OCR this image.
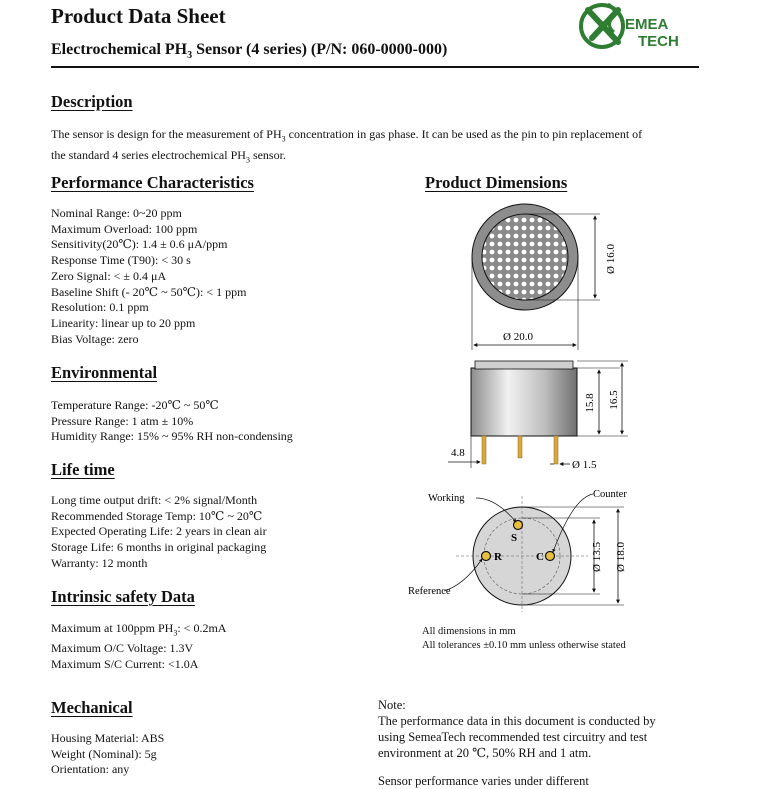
Product Data Sheet
Electrochemical $PH_3$ Sensor (4 series) (P/N: 060-0000-000)
EMEA
TECH
Description
The sensor is design for the measurement of $PH_3$ concentration in gas phase. It can be used as the pin to pin replacement of
the standard 4 series electrochemical $PH_3$ sensor.
Performance Characteristics
Nominal Range: 0~20 ppm
Maximum Overload: 100 ppm
Sensitivity(20℃): 1.4 ± 0.6 μA/ppm
Response Time (T90): < 30 s
Zero Signal: < ± 0.4 μA
Baseline Shift (- 20℃ ~ 50℃): < 1 ppm
Resolution: 0.1 ppm
Linearity: linear up to 20 ppm
Bias Voltage: zero
Environmental
Temperature Range: -20℃ ~ 50℃
Pressure Range: 1 atm ± 10%
Humidity Range: 15% ~ 95% RH non-condensing
Life time
Long time output drift: < 2% signal/Month
Recommended Storage Temp: 10℃ ~ 20℃
Expected Operating Life: 2 years in clean air
Storage Life: 6 months in original packaging
Warranty: 12 month
Intrinsic safety Data
Maximum at 100ppm $PH_3$: < 0.2mA
Maximum O/C Voltage: 1.3V
Maximum S/C Current: <1.0A
Mechanical
Housing Material: ABS
Weight (Nominal): 5g
Orientation: any
Product Dimensions
Ø 16.0
Ø 20.0
15.8 16.5
4.8
Ø 1.5
Working	Counter
Reference
S
R	C	Ø 13.5 Ø 18.0
All dimensions in mm
All tolerances ±0.10 mm unless otherwise stated
Note:
The performance data in this document is conducted by
using SemeaTech recommended test circuitry and test
environment at 20 ℃, 50% RH and 1 atm.
Sensor performance varies under different
